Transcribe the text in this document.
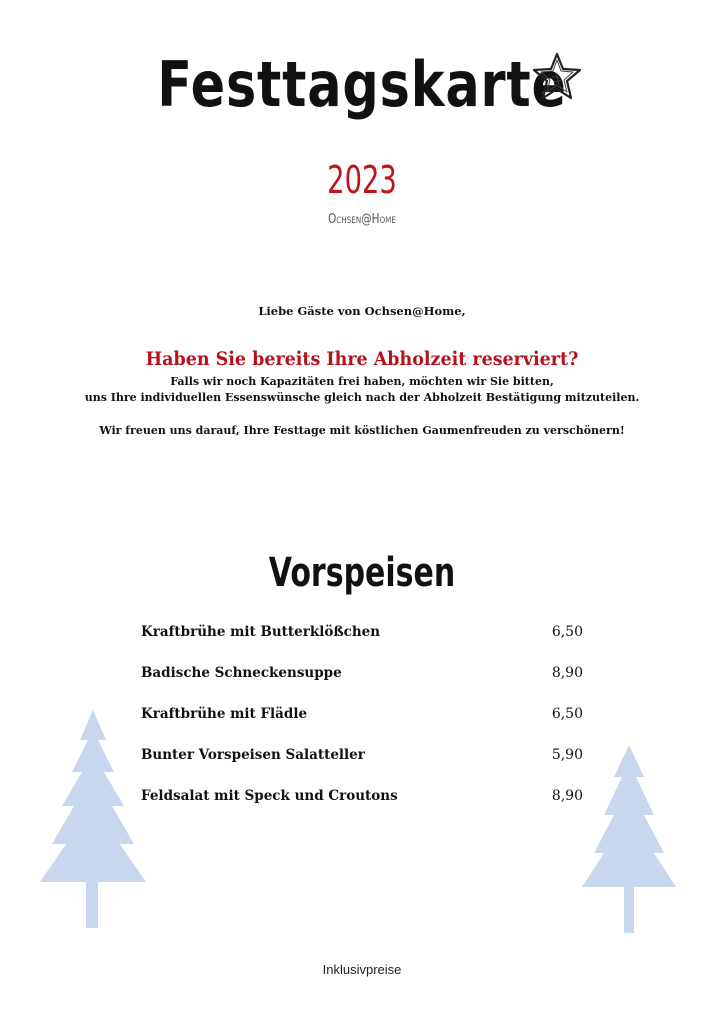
Festtagskarte
2023
Ochsen@Home

Liebe Gäste von Ochsen@Home,

Haben Sie bereits Ihre Abholzeit reserviert?

Falls wir noch Kapazitäten frei haben, möchten wir Sie bitten,

uns Ihre individuellen Essenswünsche gleich nach der Abholzeit Bestätigung mitzuteilen.

Wir freuen uns darauf, Ihre Festtage mit köstlichen Gaumenfreuden zu verschönern!

Vorspeisen
Kraftbrühe mit Butterklößchen	6,50
Badische Schneckensuppe	8,90
Kraftbrühe mit Flädle	6,50
Bunter Vorspeisen Salatteller	5,90
Feldsalat mit Speck und Croutons	8,90
Inklusivpreise
